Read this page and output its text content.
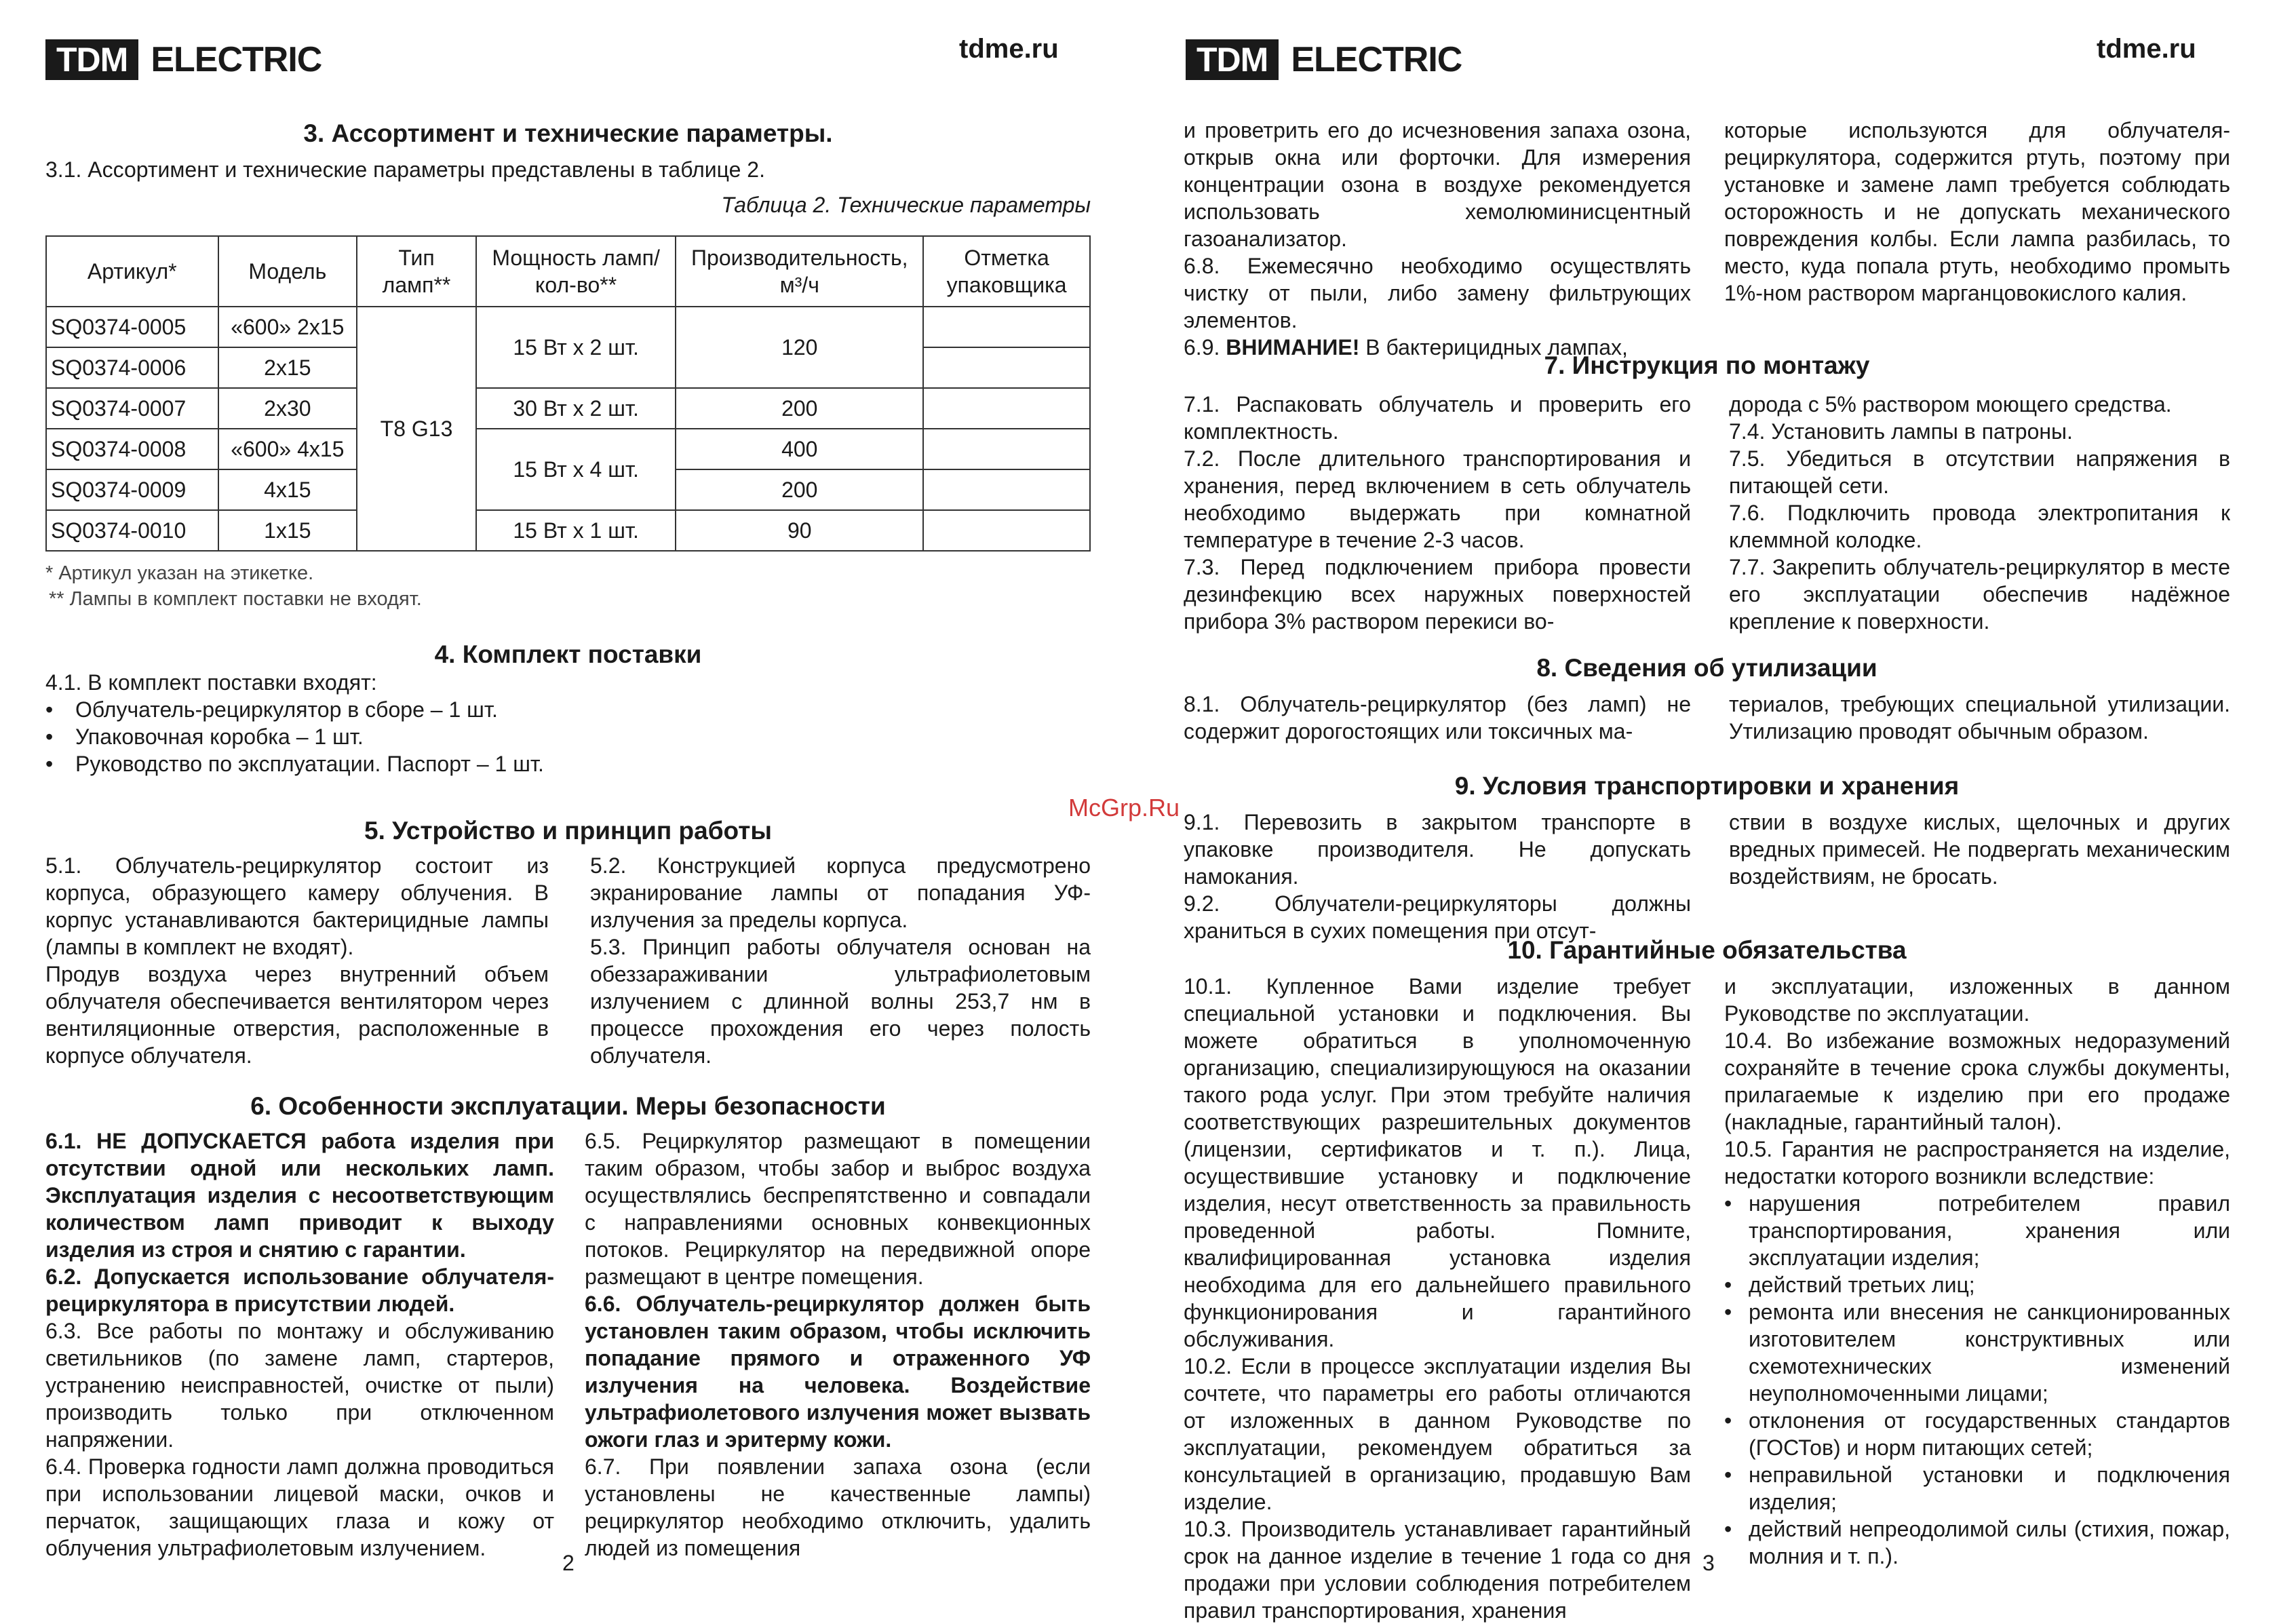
TDM ELECTRIC	tdme.ru
3. Ассортимент и технические параметры.
3.1. Ассортимент и технические параметры представлены в таблице 2.
Таблица 2. Технические параметры
Артикул*	Модель	Тип ламп**	Мощность ламп/ кол-во**	Производительность, м³/ч	Отметка упаковщика
SQ0374-0005	«600» 2x15	T8 G13	15 Вт х 2 шт.	120	
SQ0374-0006	2x15				
SQ0374-0007	2x30		30 Вт х 2 шт.	200	
SQ0374-0008	«600» 4x15		15 Вт х 4 шт.	400	
SQ0374-0009	4x15			200	
SQ0374-0010	1x15		15 Вт х 1 шт.	90	
* Артикул указан на этикетке.
** Лампы в комплект поставки не входят.
4. Комплект поставки
4.1. В комплект поставки входят:
• Облучатель-рециркулятор в сборе – 1 шт.
• Упаковочная коробка – 1 шт.
• Руководство по эксплуатации. Паспорт – 1 шт.
5. Устройство и принцип работы
5.1. Облучатель-рециркулятор состоит из корпуса, образующего камеру облучения. В корпус устанавливаются бактерицидные лампы (лампы в комплект не входят).
Продув воздуха через внутренний объем облучателя обеспечивается вентилятором через вентиляционные отверстия, расположенные в корпусе облучателя.
5.2. Конструкцией корпуса предусмотрено экранирование лампы от попадания УФ-излучения за пределы корпуса.
5.3. Принцип работы облучателя основан на обеззараживании ультрафиолетовым излучением с длинной волны 253,7 нм в процессе прохождения его через полость облучателя.
6. Особенности эксплуатации. Меры безопасности
6.1. НЕ ДОПУСКАЕТСЯ работа изделия при отсутствии одной или нескольких ламп. Эксплуатация изделия с несоответствующим количеством ламп приводит к выходу изделия из строя и снятию с гарантии.
6.2. Допускается использование облучателя-рециркулятора в присутствии людей.
6.3. Все работы по монтажу и обслуживанию светильников (по замене ламп, стартеров, устранению неисправностей, очистке от пыли) производить только при отключенном напряжении.
6.4. Проверка годности ламп должна проводиться при использовании лицевой маски, очков и перчаток, защищающих глаза и кожу от облучения ультрафиолетовым излучением.
6.5. Рециркулятор размещают в помещении таким образом, чтобы забор и выброс воздуха осуществлялись беспрепятственно и совпадали с направлениями основных конвекционных потоков. Рециркулятор на передвижной опоре размещают в центре помещения.
6.6. Облучатель-рециркулятор должен быть установлен таким образом, чтобы исключить попадание прямого и отраженного УФ излучения на человека. Воздействие ультрафиолетового излучения может вызвать ожоги глаз и эритерму кожи.
6.7. При появлении запаха озона (если установлены не качественные лампы) рециркулятор необходимо отключить, удалить людей из помещения
2
TDM ELECTRIC	tdme.ru
и проветрить его до исчезновения запаха озона, открыв окна или форточки. Для измерения концентрации озона в воздухе рекомендуется использовать хемолюминисцентный газоанализатор.
6.8. Ежемесячно необходимо осуществлять чистку от пыли, либо замену фильтрующих элементов.
6.9. ВНИМАНИЕ! В бактерицидных лампах,
которые используются для облучателя-рециркулятора, содержится ртуть, поэтому при установке и замене ламп требуется соблюдать осторожность и не допускать механического повреждения колбы. Если лампа разбилась, то место, куда попала ртуть, необходимо промыть 1%-ном раствором марганцовокислого калия.
7. Инструкция по монтажу
7.1. Распаковать облучатель и проверить его комплектность.
7.2. После длительного транспортирования и хранения, перед включением в сеть облучатель необходимо выдержать при комнатной температуре в течение 2-3 часов.
7.3. Перед подключением прибора провести дезинфекцию всех наружных поверхностей прибора 3% раствором перекиси во-
дорода с 5% раствором моющего средства.
7.4. Установить лампы в патроны.
7.5. Убедиться в отсутствии напряжения в питающей сети.
7.6. Подключить провода электропитания к клеммной колодке.
7.7. Закрепить облучатель-рециркулятор в месте его эксплуатации обеспечив надёжное крепление к поверхности.
8. Сведения об утилизации
8.1. Облучатель-рециркулятор (без ламп) не содержит дорогостоящих или токсичных ма-
териалов, требующих специальной утилизации. Утилизацию проводят обычным образом.
9. Условия транспортировки и хранения
9.1. Перевозить в закрытом транспорте в упаковке производителя. Не допускать намокания.
9.2. Облучатели-рециркуляторы должны храниться в сухих помещения при отсут-
ствии в воздухе кислых, щелочных и других вредных примесей. Не подвергать механическим воздействиям, не бросать.
10. Гарантийные обязательства
10.1. Купленное Вами изделие требует специальной установки и подключения. Вы можете обратиться в уполномоченную организацию, специализирующуюся на оказании такого рода услуг. При этом требуйте наличия соответствующих разрешительных документов (лицензии, сертификатов и т. п.). Лица, осуществившие установку и подключение изделия, несут ответственность за правильность проведенной работы. Помните, квалифицированная установка изделия необходима для его дальнейшего правильного функционирования и гарантийного обслуживания.
10.2. Если в процессе эксплуатации изделия Вы сочтете, что параметры его работы отличаются от изложенных в данном Руководстве по эксплуатации, рекомендуем обратиться за консультацией в организацию, продавшую Вам изделие.
10.3. Производитель устанавливает гарантийный срок на данное изделие в течение 1 года со дня продажи при условии соблюдения потребителем правил транспортирования, хранения
и эксплуатации, изложенных в данном Руководстве по эксплуатации.
10.4. Во избежание возможных недоразумений сохраняйте в течение срока службы документы, прилагаемые к изделию при его продаже (накладные, гарантийный талон).
10.5. Гарантия не распространяется на изделие, недостатки которого возникли вследствие:
• нарушения потребителем правил транспортирования, хранения или эксплуатации изделия;
• действий третьих лиц;
• ремонта или внесения не санкционированных изготовителем конструктивных или схемотехнических изменений неуполномоченными лицами;
• отклонения от государственных стандартов (ГОСТов) и норм питающих сетей;
• неправильной установки и подключения изделия;
• действий непреодолимой силы (стихия, пожар, молния и т. п.).
3
McGrp.Ru
